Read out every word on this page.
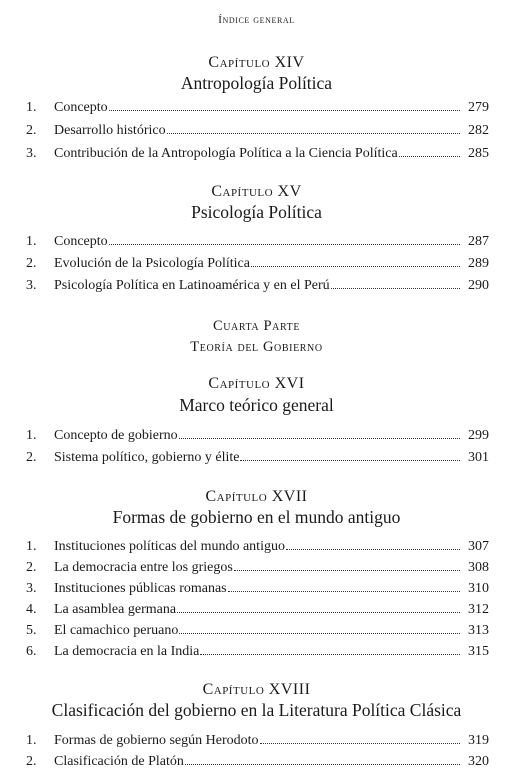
Índice general
Capítulo XIV
Antropología Política
1.	Concepto	279
2.	Desarrollo histórico	282
3.	Contribución de la Antropología Política a la Ciencia Política	285
Capítulo XV
Psicología Política
1.	Concepto	287
2.	Evolución de la Psicología Política	289
3.	Psicología Política en Latinoamérica y en el Perú	290
Cuarta Parte
Teoría del Gobierno
Capítulo XVI
Marco teórico general
1.	Concepto de gobierno	299
2.	Sistema político, gobierno y élite	301
Capítulo XVII
Formas de gobierno en el mundo antiguo
1.	Instituciones políticas del mundo antiguo	307
2.	La democracia entre los griegos	308
3.	Instituciones públicas romanas	310
4.	La asamblea germana	312
5.	El camachico peruano	313
6.	La democracia en la India	315
Capítulo XVIII
Clasificación del gobierno en la Literatura Política Clásica
1.	Formas de gobierno según Herodoto	319
2.	Clasificación de Platón	320
